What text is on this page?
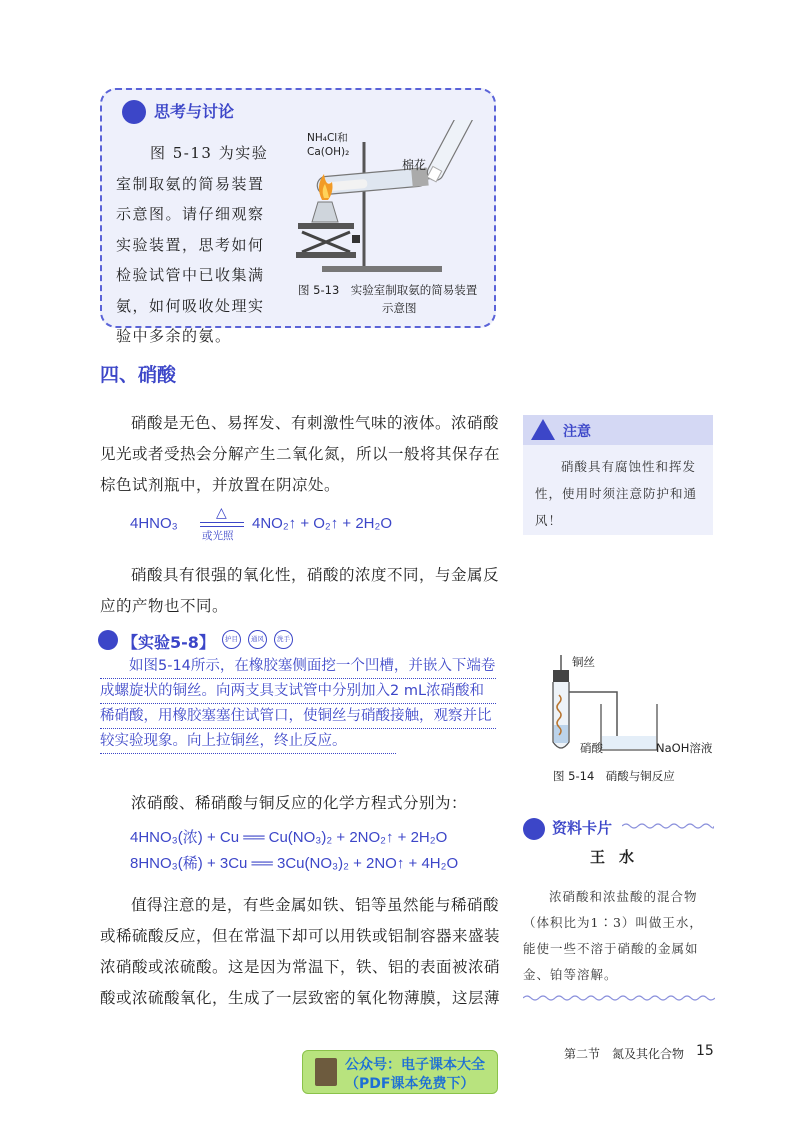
思考与讨论
图 5-13 为实验室制取氨的简易装置示意图。请仔细观察实验装置，思考如何检验试管中已收集满氨，如何吸收处理实验中多余的氨。
NH₄Cl和
Ca(OH)₂
棉花
图 5-13　实验室制取氨的简易装置
示意图
四、硝酸
硝酸是无色、易挥发、有刺激性气味的液体。浓硝酸见光或者受热会分解产生二氧化氮，所以一般将其保存在棕色试剂瓶中，并放置在阴凉处。
4HNO₃
△
或光照
4NO₂↑ + O₂↑ + 2H₂O
硝酸具有很强的氧化性，硝酸的浓度不同，与金属反应的产物也不同。
注意
硝酸具有腐蚀性和挥发性，使用时须注意防护和通风！
【实验5-8】	护目	通风	洗手
如图5-14所示，在橡胶塞侧面挖一个凹槽，并嵌入下端卷成螺旋状的铜丝。向两支具支试管中分别加入2 mL浓硝酸和稀硝酸，用橡胶塞塞住试管口，使铜丝与硝酸接触，观察并比较实验现象。向上拉铜丝，终止反应。
铜丝
硝酸	NaOH溶液
图 5-14　硝酸与铜反应
浓硝酸、稀硝酸与铜反应的化学方程式分别为：
4HNO₃(浓) + Cu ══ Cu(NO₃)₂ + 2NO₂↑ + 2H₂O
8HNO₃(稀) + 3Cu ══ 3Cu(NO₃)₂ + 2NO↑ + 4H₂O
值得注意的是，有些金属如铁、铝等虽然能与稀硝酸或稀硫酸反应，但在常温下却可以用铁或铝制容器来盛装浓硝酸或浓硫酸。这是因为常温下，铁、铝的表面被浓硝酸或浓硫酸氧化，生成了一层致密的氧化物薄膜，这层薄
资料卡片
王水
浓硝酸和浓盐酸的混合物（体积比为1∶3）叫做王水，能使一些不溶于硝酸的金属如金、铂等溶解。
第二节　氮及其化合物 15
公众号：电子课本大全
（PDF课本免费下）
